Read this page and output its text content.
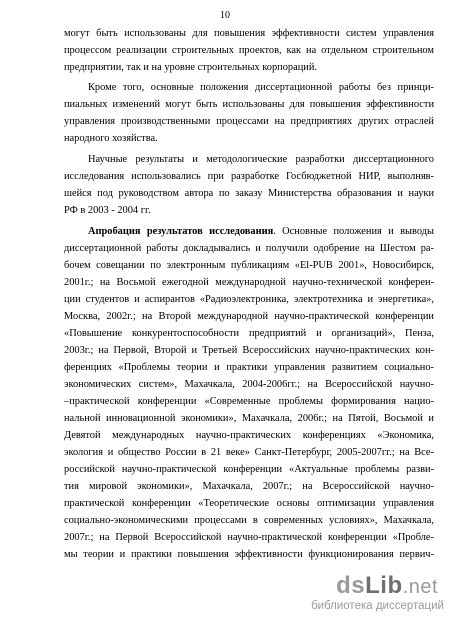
10
могут быть использованы для повышения эффективности систем управления
процессом реализации строительных проектов, как на отдельном строительном
предприятии, так и на уровне строительных корпораций.
Кроме того, основные положения диссертационной работы без принци-
пиальных изменений могут быть использованы для повышения эффективности
управления производственными процессами на предприятиях других отраслей
народного хозяйства.
Научные результаты и методологические разработки диссертационного
исследования использовались при разработке Госбюджетной НИР, выполняв-
шейся под руководством автора по заказу Министерства образования и науки
РФ в 2003 - 2004 гг.
Апробация результатов исследования. Основные положения и выводы
диссертационной работы докладывались и получили одобрение на Шестом ра-
бочем совещании по электронным публикациям «El-PUB 2001», Новосибирск,
2001г.; на Восьмой ежегодной международной научно-технической конферен-
ции студентов и аспирантов «Радиоэлектроника, электротехника и энергетика»,
Москва, 2002г.; на Второй международной научно-практической конференции
«Повышение конкурентоспособности предприятий и организаций», Пенза,
2003г.; на Первой, Второй и Третьей Всероссийских научно-практических кон-
ференциях «Проблемы теории и практики управления развитием социально-
экономических систем», Махачкала, 2004-2006гг.; на Всероссийской научно-
–практической конференции «Современные проблемы формирования нацио-
нальной инновационной экономики», Махачкала, 2006г.; на Пятой, Восьмой и
Девятой международных научно-практических конференциях «Экономика,
экология и общество России в 21 веке» Санкт-Петербург, 2005-2007гг.; на Все-
российской научно-практической конференции «Актуальные проблемы разви-
тия мировой экономики», Махачкала, 2007г.; на Всероссийской научно-
практической конференции «Теоретические основы оптимизации управления
социально-экономическими процессами в современных условиях», Махачкала,
2007г.; на Первой Всероссийской научно-практической конференции «Пробле-
мы теории и практики повышения эффективности функционирования первич-
dsLib.net
библиотека диссертаций
